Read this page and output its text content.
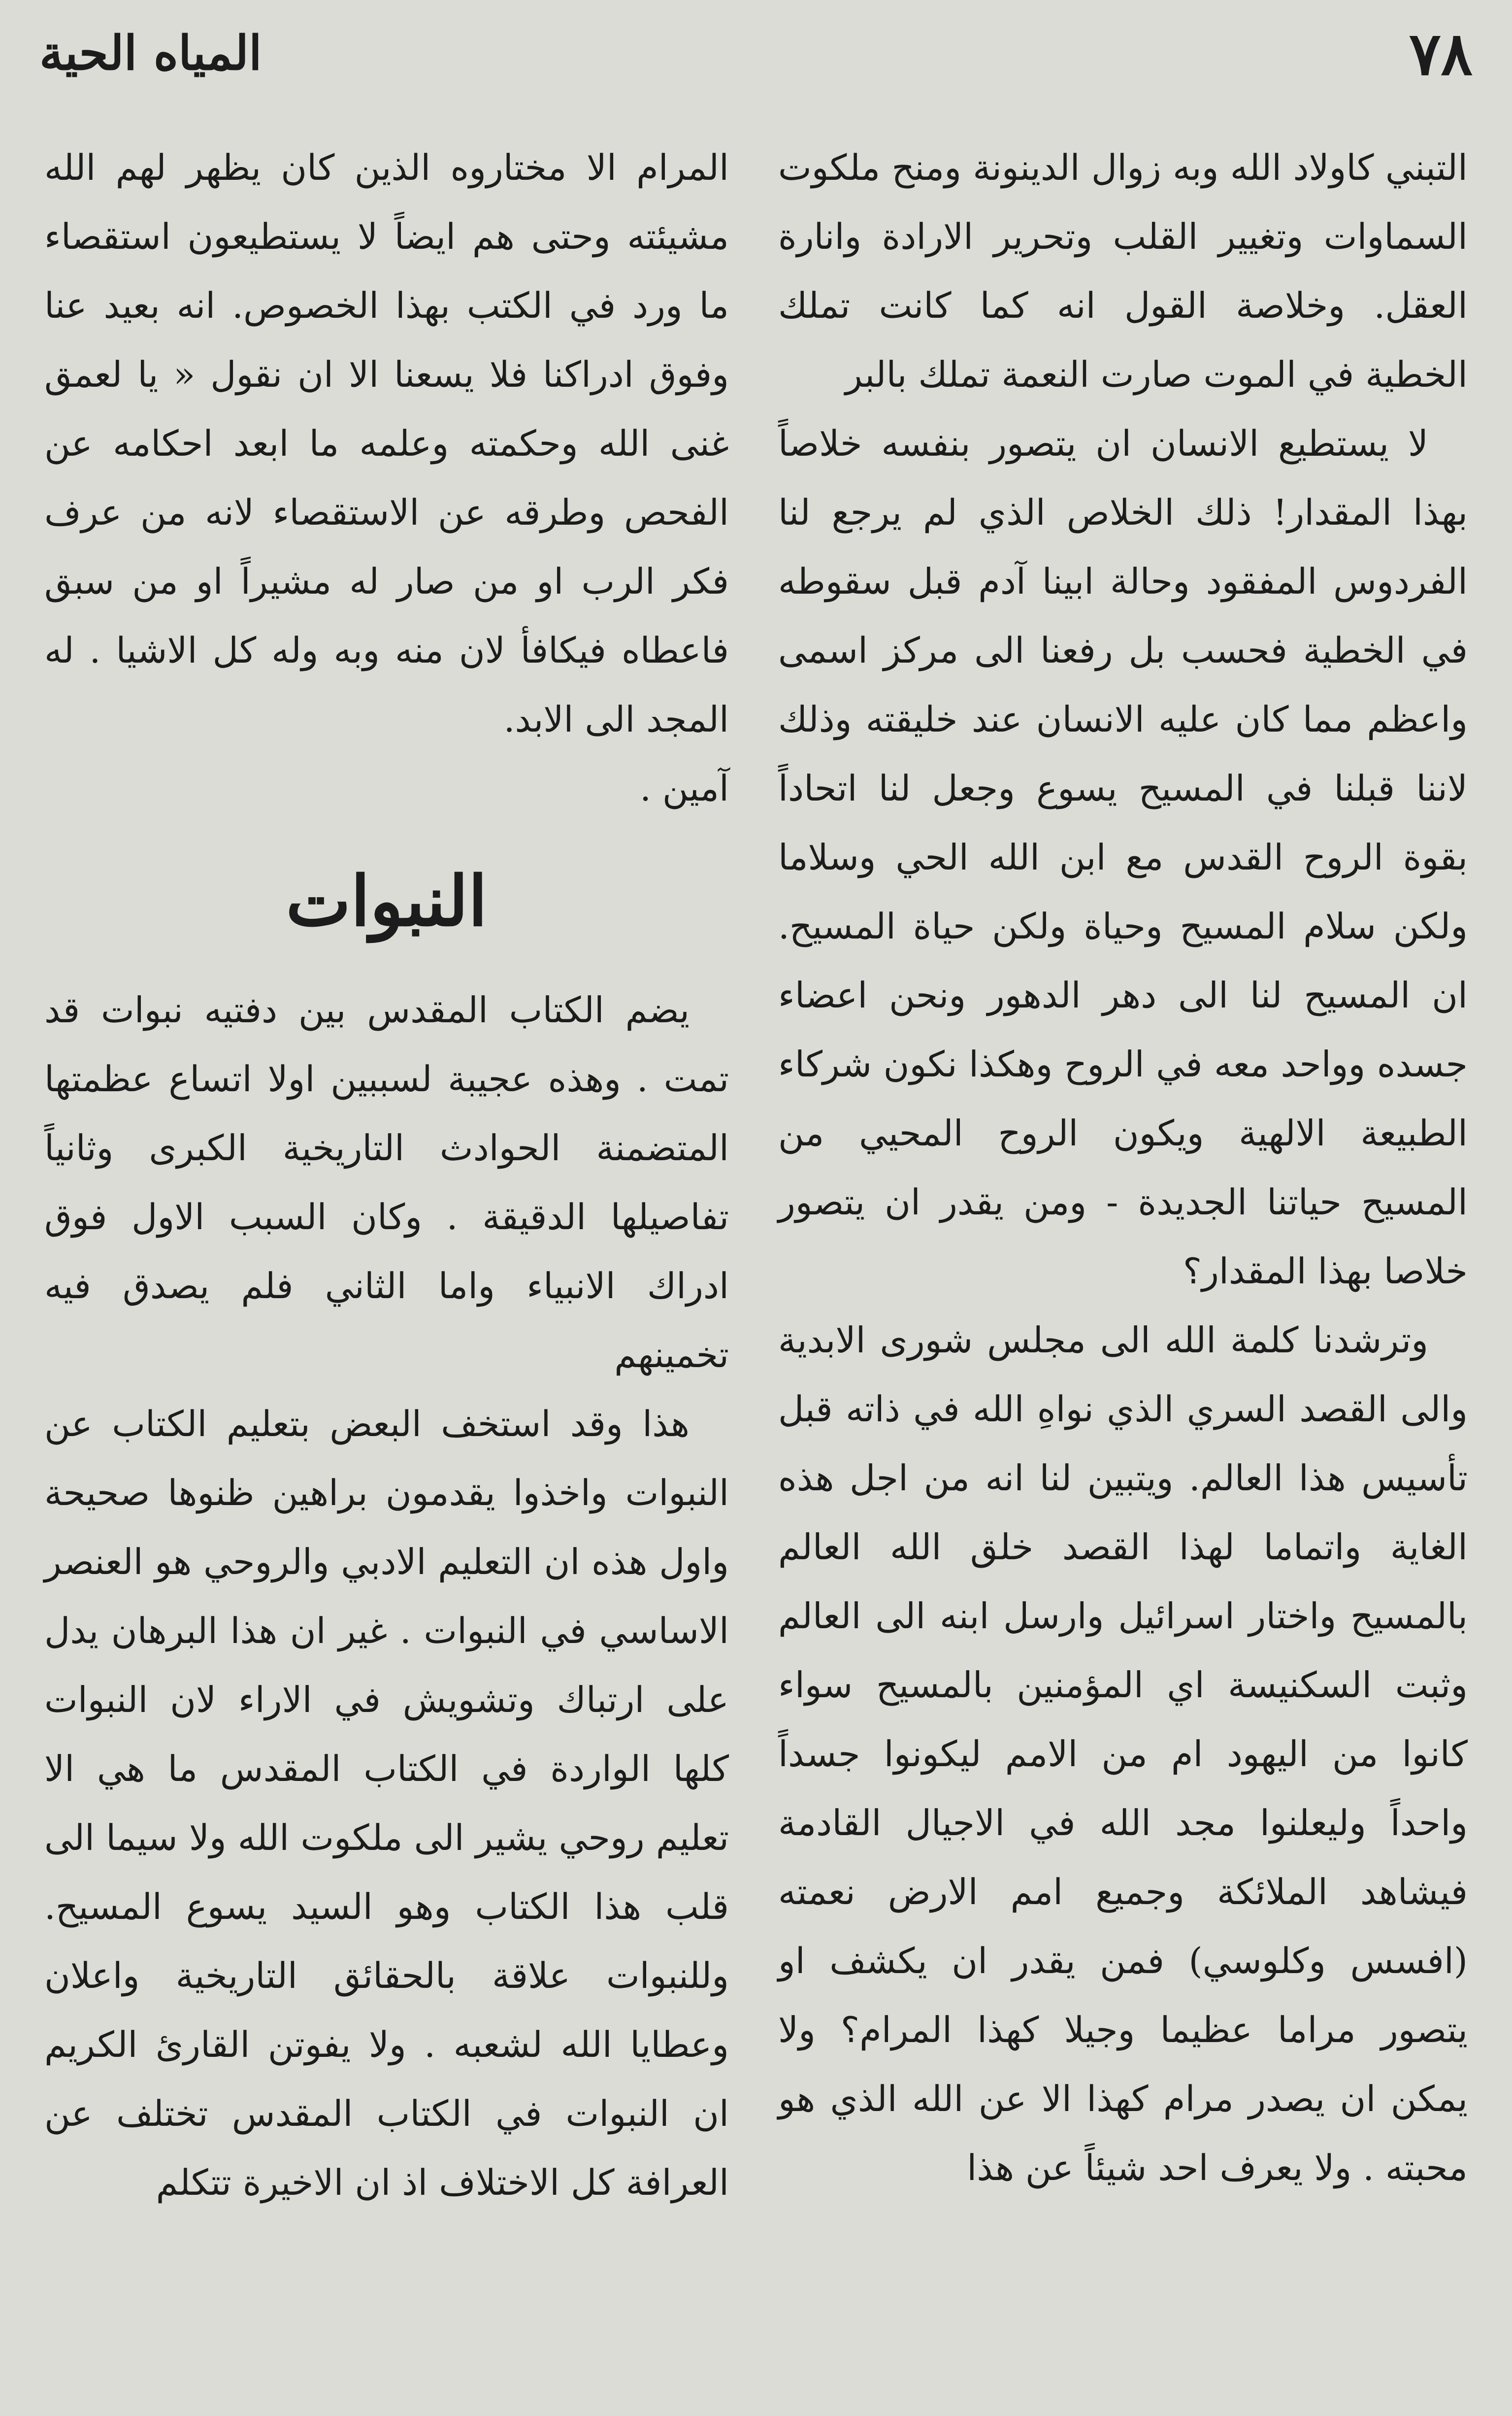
٧٨
المياه الحية

التبني كاولاد الله وبه زوال الدينونة ومنح ملكوت السماوات وتغيير القلب وتحرير الارادة وانارة العقل. وخلاصة القول انه كما كانت تملك الخطية في الموت صارت النعمة تملك بالبر

لا يستطيع الانسان ان يتصور بنفسه خلاصاً بهذا المقدار! ذلك الخلاص الذي لم يرجع لنا الفردوس المفقود وحالة ابينا آدم قبل سقوطه في الخطية فحسب بل رفعنا الى مركز اسمى واعظم مما كان عليه الانسان عند خليقته وذلك لاننا قبلنا في المسيح يسوع وجعل لنا اتحاداً بقوة الروح القدس مع ابن الله الحي وسلاما ولكن سلام المسيح وحياة ولكن حياة المسيح. ان المسيح لنا الى دهر الدهور ونحن اعضاء جسده وواحد معه في الروح وهكذا نكون شركاء الطبيعة الالهية ويكون الروح المحيي من المسيح حياتنا الجديدة - ومن يقدر ان يتصور خلاصا بهذا المقدار؟

وترشدنا كلمة الله الى مجلس شورى الابدية والى القصد السري الذي نواهِ الله في ذاته قبل تأسيس هذا العالم. ويتبين لنا انه من اجل هذه الغاية واتماما لهذا القصد خلق الله العالم بالمسيح واختار اسرائيل وارسل ابنه الى العالم وثبت السكنيسة اي المؤمنين بالمسيح سواء كانوا من اليهود ام من الامم ليكونوا جسداً واحداً وليعلنوا مجد الله في الاجيال القادمة فيشاهد الملائكة وجميع امم الارض نعمته (افسس وكلوسي) فمن يقدر ان يكشف او يتصور مراما عظيما وجيلا كهذا المرام؟ ولا يمكن ان يصدر مرام كهذا الا عن الله الذي هو محبته . ولا يعرف احد شيئاً عن هذا

المرام الا مختاروه الذين كان يظهر لهم الله مشيئته وحتى هم ايضاً لا يستطيعون استقصاء ما ورد في الكتب بهذا الخصوص. انه بعيد عنا وفوق ادراكنا فلا يسعنا الا ان نقول « يا لعمق غنى الله وحكمته وعلمه ما ابعد احكامه عن الفحص وطرقه عن الاستقصاء لانه من عرف فكر الرب او من صار له مشيراً او من سبق فاعطاه فيكافأ لان منه وبه وله كل الاشيا . له المجد الى الابد.

آمين .

النبوات

يضم الكتاب المقدس بين دفتيه نبوات قد تمت . وهذه عجيبة لسببين اولا اتساع عظمتها المتضمنة الحوادث التاريخية الكبرى وثانياً تفاصيلها الدقيقة . وكان السبب الاول فوق ادراك الانبياء واما الثاني فلم يصدق فيه تخمينهم

هذا وقد استخف البعض بتعليم الكتاب عن النبوات واخذوا يقدمون براهين ظنوها صحيحة واول هذه ان التعليم الادبي والروحي هو العنصر الاساسي في النبوات . غير ان هذا البرهان يدل على ارتباك وتشويش في الاراء لان النبوات كلها الواردة في الكتاب المقدس ما هي الا تعليم روحي يشير الى ملكوت الله ولا سيما الى قلب هذا الكتاب وهو السيد يسوع المسيح. وللنبوات علاقة بالحقائق التاريخية واعلان وعطايا الله لشعبه . ولا يفوتن القارئ الكريم ان النبوات في الكتاب المقدس تختلف عن العرافة كل الاختلاف اذ ان الاخيرة تتكلم
